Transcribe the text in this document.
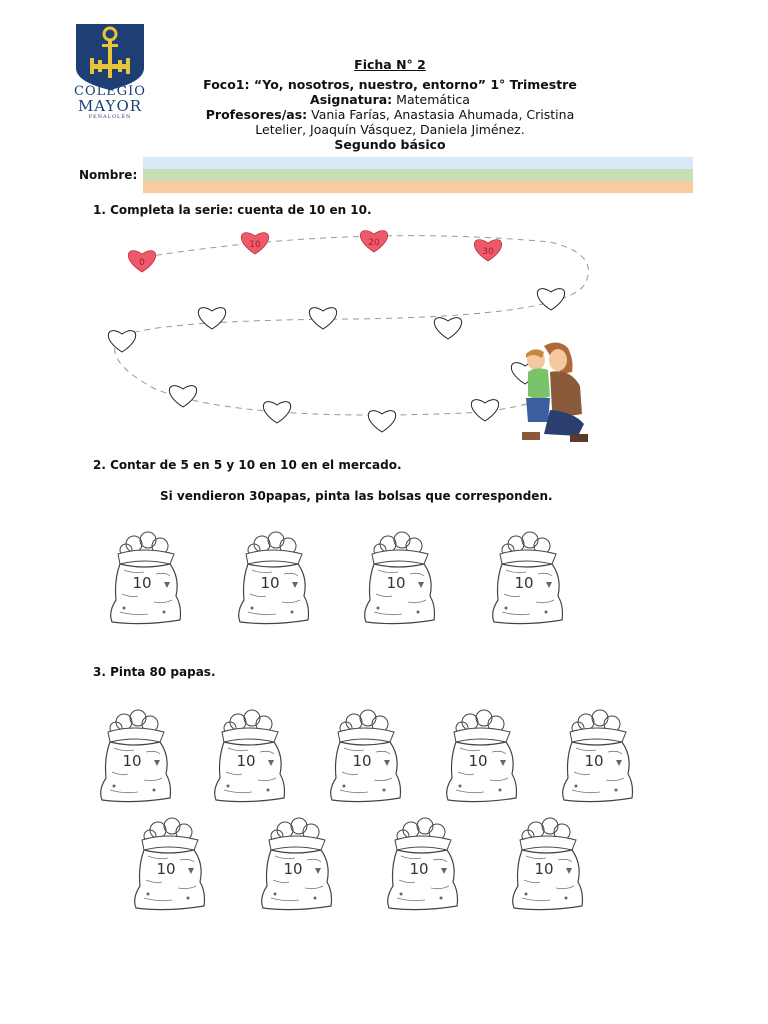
COLEGIO
MAYOR
PEÑALOLÉN
Ficha N° 2
Foco1: “Yo, nosotros, nuestro, entorno” 1° Trimestre
Asignatura: Matemática
Profesores/as: Vania Farías, Anastasia Ahumada, Cristina
Letelier, Joaquín Vásquez, Daniela Jiménez.
Segundo básico
Nombre:
1. Completa la serie: cuenta de 10 en 10.
0
10	20
30
2. Contar de 5 en 5 y 10 en 10 en el mercado.
Si vendieron 30papas, pinta las bolsas que corresponden.
10	10	10	10
3. Pinta 80 papas.
10	10	10	10	10
10	10	10	10
